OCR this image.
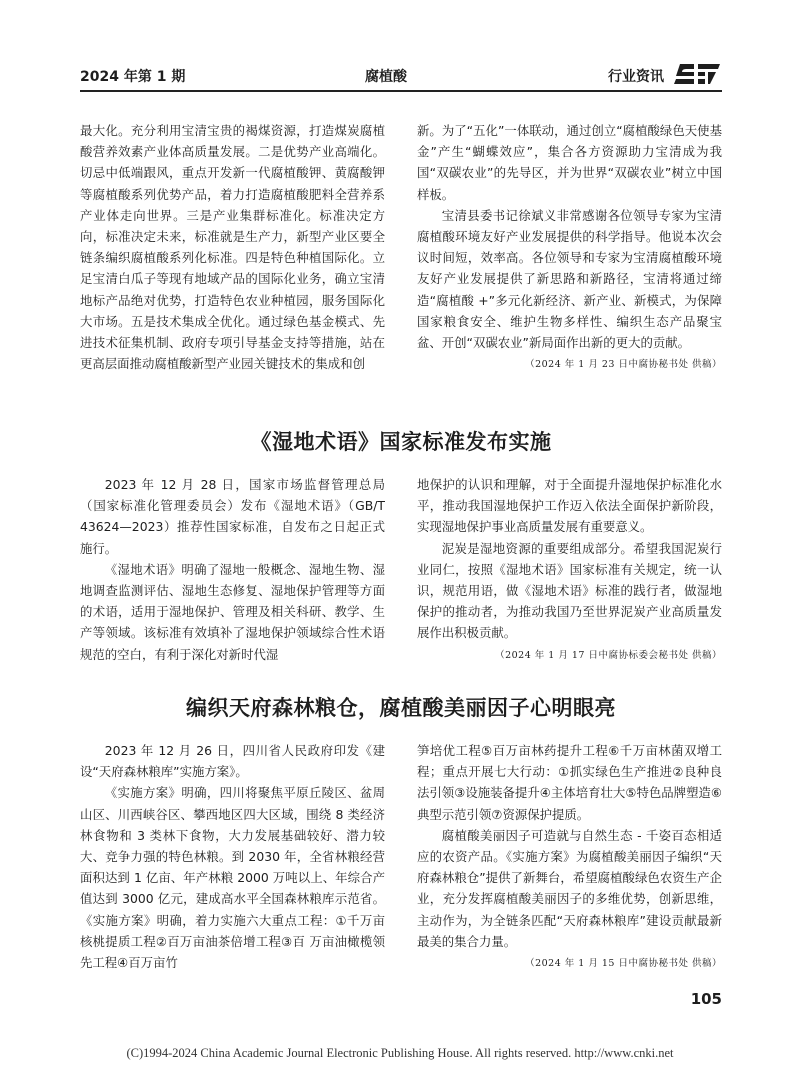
2024 年第 1 期	腐植酸	行业资讯

最大化。充分利用宝清宝贵的褐煤资源，打造煤炭腐植酸营养效素产业体高质量发展。二是优势产业高端化。切忌中低端跟风，重点开发新一代腐植酸钾、黄腐酸钾等腐植酸系列优势产品，着力打造腐植酸肥料全营养系产业体走向世界。三是产业集群标准化。标准决定方向，标准决定未来，标准就是生产力，新型产业区要全链条编织腐植酸系列化标准。四是特色种植国际化。立足宝清白瓜子等现有地域产品的国际化业务，确立宝清地标产品绝对优势，打造特色农业种植园，服务国际化大市场。五是技术集成全优化。通过绿色基金模式、先进技术征集机制、政府专项引导基金支持等措施，站在更高层面推动腐植酸新型产业园关键技术的集成和创

新。为了“五化”一体联动，通过创立“腐植酸绿色天使基金”产生“蝴蝶效应”，集合各方资源助力宝清成为我国“双碳农业”的先导区，并为世界“双碳农业”树立中国样板。

宝清县委书记徐斌义非常感谢各位领导专家为宝清腐植酸环境友好产业发展提供的科学指导。他说本次会议时间短，效率高。各位领导和专家为宝清腐植酸环境友好产业发展提供了新思路和新路径，宝清将通过缔造“腐植酸 +”多元化新经济、新产业、新模式，为保障国家粮食安全、维护生物多样性、编织生态产品聚宝盆、开创“双碳农业”新局面作出新的更大的贡献。

（2024 年 1 月 23 日中腐协秘书处 供稿）

《湿地术语》国家标准发布实施

2023 年 12 月 28 日，国家市场监督管理总局（国家标准化管理委员会）发布《湿地术语》（GB/T 43624—2023）推荐性国家标准，自发布之日起正式施行。

《湿地术语》明确了湿地一般概念、湿地生物、湿地调查监测评估、湿地生态修复、湿地保护管理等方面的术语，适用于湿地保护、管理及相关科研、教学、生产等领域。该标准有效填补了湿地保护领域综合性术语规范的空白，有利于深化对新时代湿

地保护的认识和理解，对于全面提升湿地保护标准化水平，推动我国湿地保护工作迈入依法全面保护新阶段，实现湿地保护事业高质量发展有重要意义。

泥炭是湿地资源的重要组成部分。希望我国泥炭行业同仁，按照《湿地术语》国家标准有关规定，统一认识，规范用语，做《湿地术语》标准的践行者，做湿地保护的推动者，为推动我国乃至世界泥炭产业高质量发展作出积极贡献。

（2024 年 1 月 17 日中腐协标委会秘书处 供稿）

编织天府森林粮仓，腐植酸美丽因子心明眼亮

2023 年 12 月 26 日，四川省人民政府印发《建设“天府森林粮库”实施方案》。

《实施方案》明确，四川将聚焦平原丘陵区、盆周山区、川西峡谷区、攀西地区四大区域，围绕 8 类经济林食物和 3 类林下食物，大力发展基础较好、潜力较大、竞争力强的特色林粮。到 2030 年，全省林粮经营面积达到 1 亿亩、年产林粮 2000 万吨以上、年综合产值达到 3000 亿元，建成高水平全国森林粮库示范省。《实施方案》明确，着力实施六大重点工程：①千万亩核桃提质工程②百万亩油茶倍增工程③百 万亩油橄榄领先工程④百万亩竹

笋培优工程⑤百万亩林药提升工程⑥千万亩林菌双增工程；重点开展七大行动：①抓实绿色生产推进②良种良法引领③设施装备提升④主体培育壮大⑤特色品牌塑造⑥典型示范引领⑦资源保护提质。

腐植酸美丽因子可造就与自然生态 - 千姿百态相适应的农资产品。《实施方案》为腐植酸美丽因子编织“天府森林粮仓”提供了新舞台，希望腐植酸绿色农资生产企业，充分发挥腐植酸美丽因子的多维优势，创新思维，主动作为，为全链条匹配“天府森林粮库”建设贡献最新最美的集合力量。

（2024 年 1 月 15 日中腐协秘书处 供稿）

105
(C)1994-2024 China Academic Journal Electronic Publishing House. All rights reserved. http://www.cnki.net
